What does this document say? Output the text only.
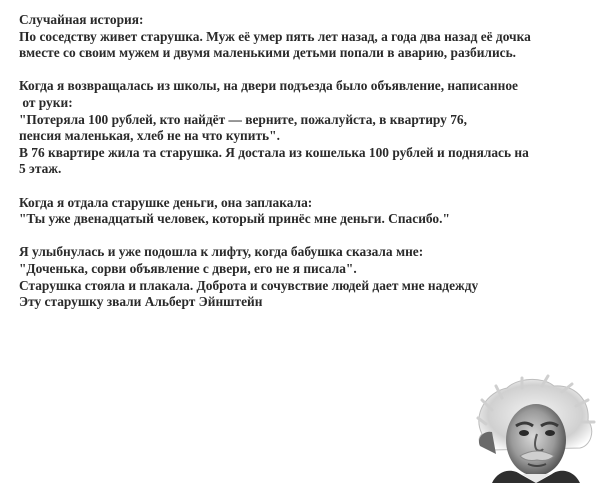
Случайная история:
По соседству живет старушка. Муж её умер пять лет назад, а года два назад её дочка
вместе со своим мужем и двумя маленькими детьми попали в аварию, разбились.
Когда я возвращалась из школы, на двери подъезда было объявление, написанное
от руки:
"Потеряла 100 рублей, кто найдёт — верните, пожалуйста, в квартиру 76,
пенсия маленькая, хлеб не на что купить".
В 76 квартире жила та старушка. Я достала из кошелька 100 рублей и поднялась на
5 этаж.
Когда я отдала старушке деньги, она заплакала:
"Ты уже двенадцатый человек, который принёс мне деньги. Спасибо."
Я улыбнулась и уже подошла к лифту, когда бабушка сказала мне:
"Доченька, сорви объявление с двери, его не я писала".
Старушка стояла и плакала. Доброта и сочувствие людей дает мне надежду
Эту старушку звали Альберт Эйнштейн
